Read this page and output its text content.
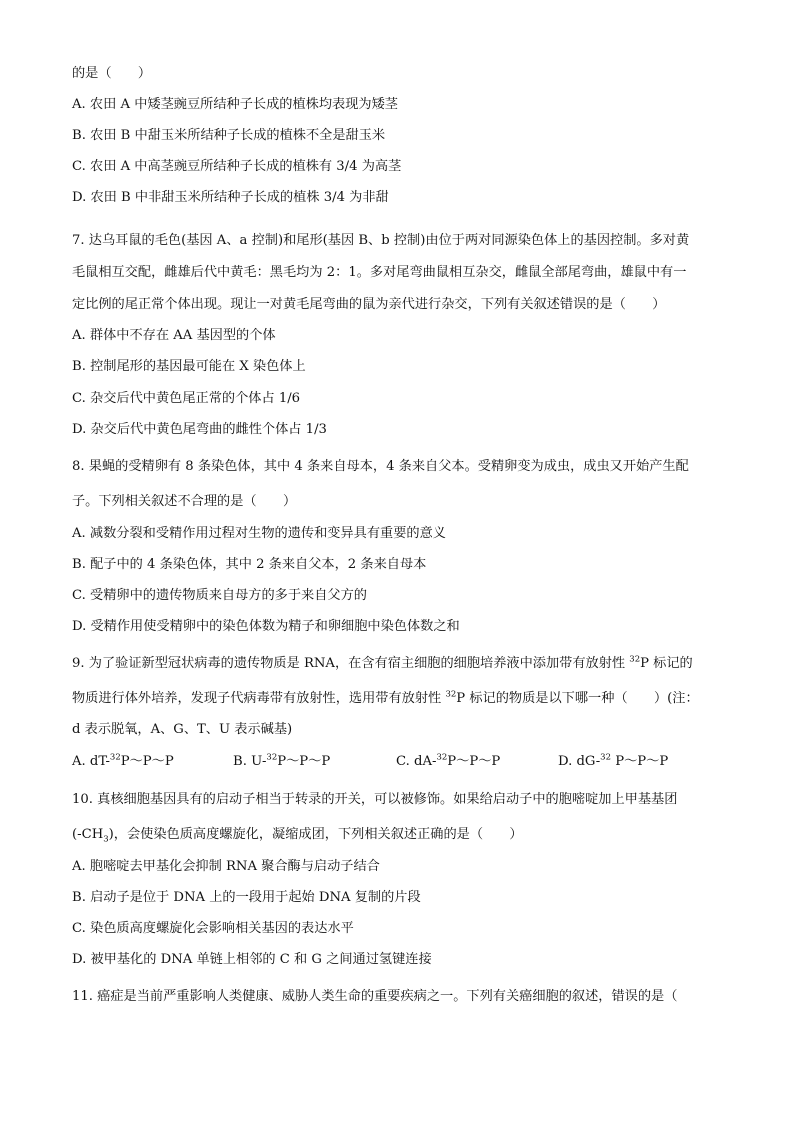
的是（　　）
A. 农田 A 中矮茎豌豆所结种子长成的植株均表现为矮茎
B. 农田 B 中甜玉米所结种子长成的植株不全是甜玉米
C. 农田 A 中高茎豌豆所结种子长成的植株有 3/4 为高茎
D. 农田 B 中非甜玉米所结种子长成的植株 3/4 为非甜
7. 达乌耳鼠的毛色(基因 A、a 控制)和尾形(基因 B、b 控制)由位于两对同源染色体上的基因控制。多对黄
毛鼠相互交配，雌雄后代中黄毛：黑毛均为 2：1。多对尾弯曲鼠相互杂交，雌鼠全部尾弯曲，雄鼠中有一
定比例的尾正常个体出现。现让一对黄毛尾弯曲的鼠为亲代进行杂交，下列有关叙述错误的是（　　）
A. 群体中不存在 AA 基因型的个体
B. 控制尾形的基因最可能在 X 染色体上
C. 杂交后代中黄色尾正常的个体占 1/6
D. 杂交后代中黄色尾弯曲的雌性个体占 1/3
8. 果蝇的受精卵有 8 条染色体，其中 4 条来自母本，4 条来自父本。受精卵变为成虫，成虫又开始产生配
子。下列相关叙述不合理的是（　　）
A. 减数分裂和受精作用过程对生物的遗传和变异具有重要的意义
B. 配子中的 4 条染色体，其中 2 条来自父本，2 条来自母本
C. 受精卵中的遗传物质来自母方的多于来自父方的
D. 受精作用使受精卵中的染色体数为精子和卵细胞中染色体数之和
9. 为了验证新型冠状病毒的遗传物质是 RNA，在含有宿主细胞的细胞培养液中添加带有放射性 $^{32}$P 标记的
物质进行体外培养，发现子代病毒带有放射性，选用带有放射性 $^{32}$P 标记的物质是以下哪一种（　　）(注：
d 表示脱氧，A、G、T、U 表示碱基)
A. dT-$^{32}$P～P～P	B. U-$^{32}$P～P～P	C. dA-$^{32}$P～P～P	D. dG-$^{32}$ P～P～P
10. 真核细胞基因具有的启动子相当于转录的开关，可以被修饰。如果给启动子中的胞嘧啶加上甲基基团
$(-CH_3)$，会使染色质高度螺旋化，凝缩成团，下列相关叙述正确的是（　　）
A. 胞嘧啶去甲基化会抑制 RNA 聚合酶与启动子结合
B. 启动子是位于 DNA 上的一段用于起始 DNA 复制的片段
C. 染色质高度螺旋化会影响相关基因的表达水平
D. 被甲基化的 DNA 单链上相邻的 C 和 G 之间通过氢键连接
11. 癌症是当前严重影响人类健康、威胁人类生命的重要疾病之一。下列有关癌细胞的叙述，错误的是（
